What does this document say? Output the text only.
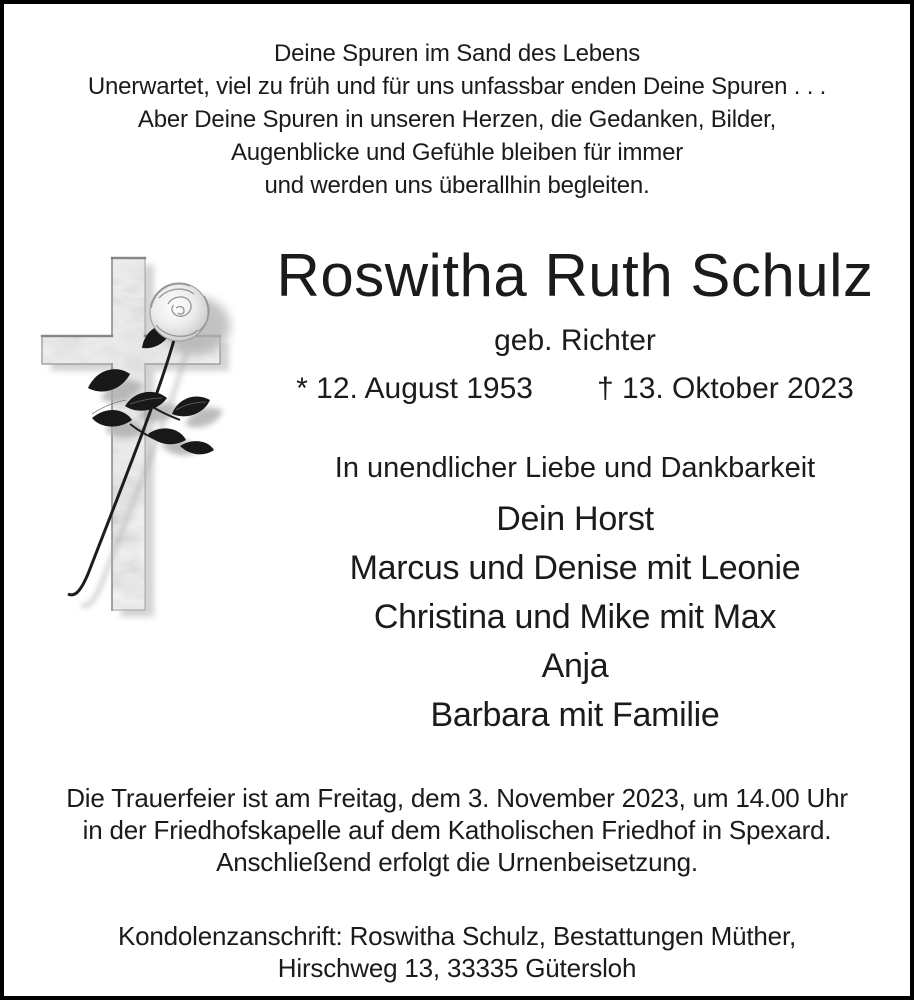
Deine Spuren im Sand des Lebens
Unerwartet, viel zu früh und für uns unfassbar enden Deine Spuren . . .
Aber Deine Spuren in unseren Herzen, die Gedanken, Bilder,
Augenblicke und Gefühle bleiben für immer
und werden uns überallhin begleiten.
Roswitha Ruth Schulz
geb. Richter
* 12. August 1953 † 13. Oktober 2023
In unendlicher Liebe und Dankbarkeit
Dein Horst
Marcus und Denise mit Leonie
Christina und Mike mit Max
Anja
Barbara mit Familie
Die Trauerfeier ist am Freitag, dem 3. November 2023, um 14.00 Uhr
in der Friedhofskapelle auf dem Katholischen Friedhof in Spexard.
Anschließend erfolgt die Urnenbeisetzung.
Kondolenzanschrift: Roswitha Schulz, Bestattungen Müther,
Hirschweg 13, 33335 Gütersloh
